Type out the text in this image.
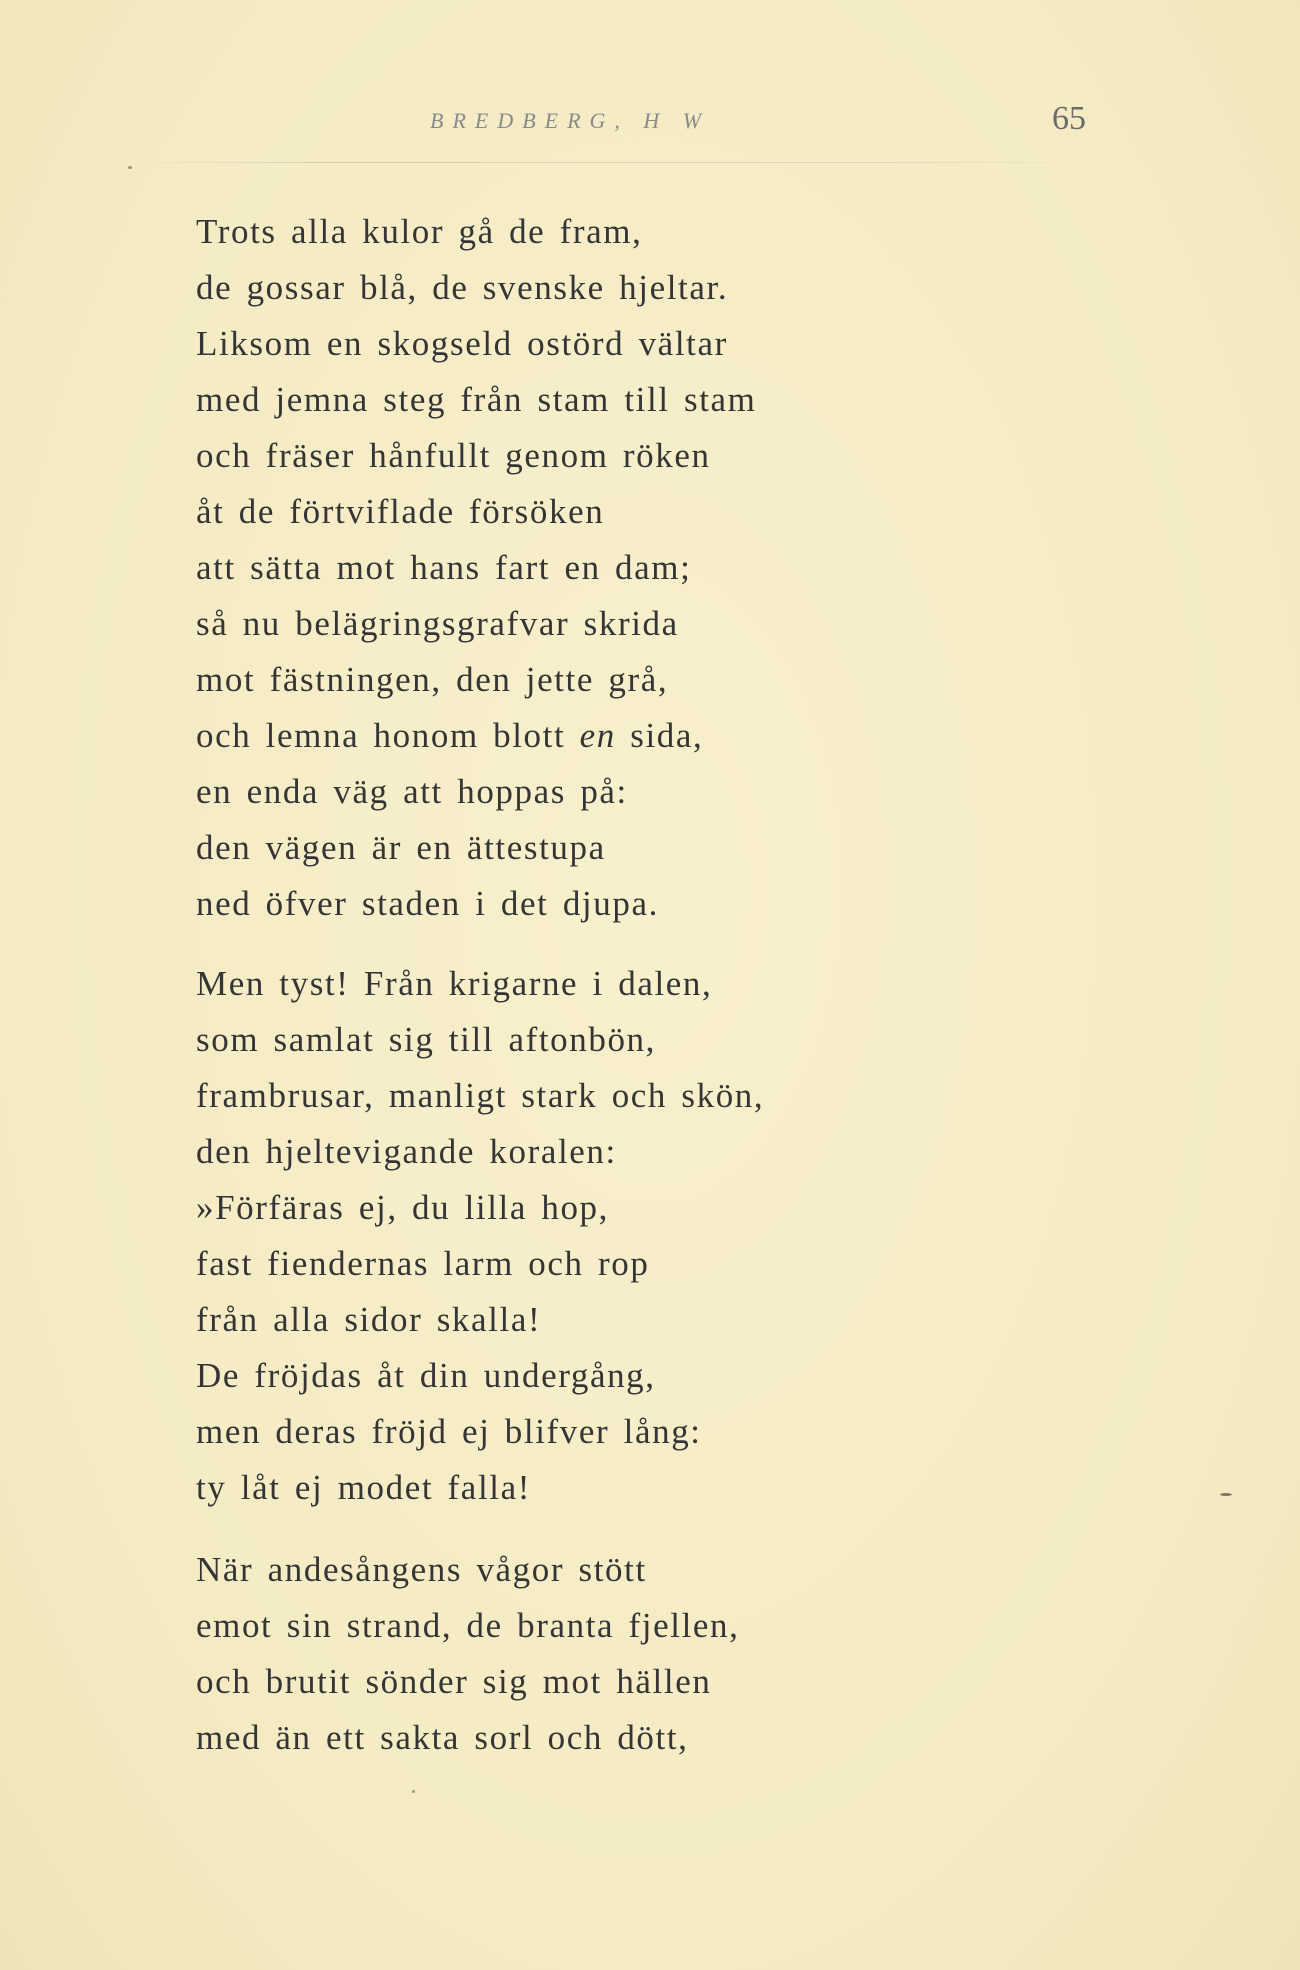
BREDBERG, H W	65
Trots alla kulor gå de fram,
de gossar blå, de svenske hjeltar.
Liksom en skogseld ostörd vältar
med jemna steg från stam till stam
och fräser hånfullt genom röken
åt de förtviflade försöken
att sätta mot hans fart en dam;
så nu belägringsgrafvar skrida
mot fästningen, den jette grå,
och lemna honom blott en sida,
en enda väg att hoppas på:
den vägen är en ättestupa
ned öfver staden i det djupa.
Men tyst! Från krigarne i dalen,
som samlat sig till aftonbön,
frambrusar, manligt stark och skön,
den hjeltevigande koralen:
»Förfäras ej, du lilla hop,
fast fiendernas larm och rop
från alla sidor skalla!
De fröjdas åt din undergång,
men deras fröjd ej blifver lång:
ty låt ej modet falla!
När andesångens vågor stött
emot sin strand, de branta fjellen,
och brutit sönder sig mot hällen
med än ett sakta sorl och dött,
